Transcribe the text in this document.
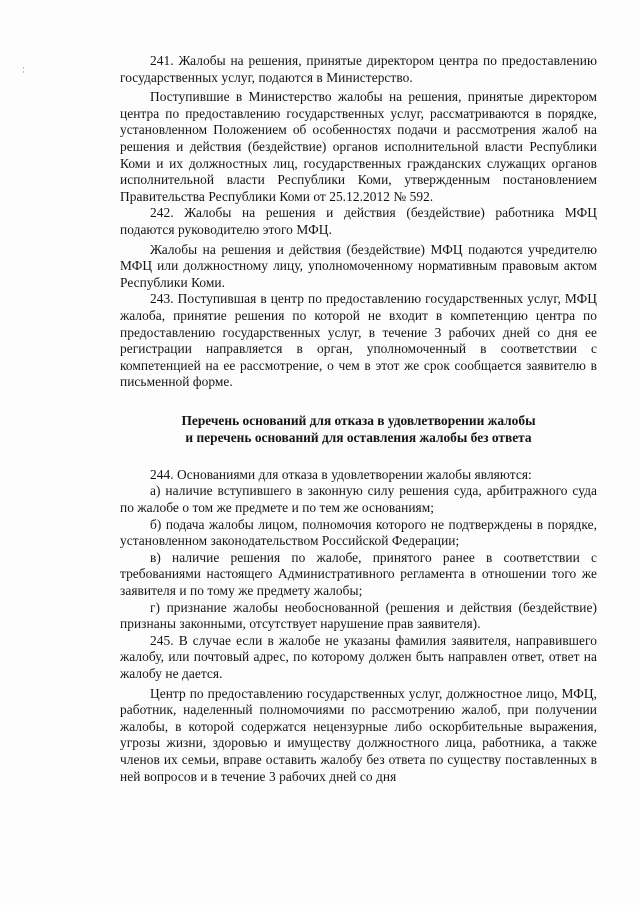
· ·

241. Жалобы на решения, принятые директором центра по предоставлению государственных услуг, подаются в Министерство.

Поступившие в Министерство жалобы на решения, принятые директором центра по предоставлению государственных услуг, рассматриваются в порядке, установленном Положением об особенностях подачи и рассмотрения жалоб на решения и действия (бездействие) органов исполнительной власти Республики Коми и их должностных лиц, государственных гражданских служащих органов исполнительной власти Республики Коми, утвержденным постановлением Правительства Республики Коми от 25.12.2012 № 592.

242. Жалобы на решения и действия (бездействие) работника МФЦ подаются руководителю этого МФЦ.

Жалобы на решения и действия (бездействие) МФЦ подаются учредителю МФЦ или должностному лицу, уполномоченному нормативным правовым актом Республики Коми.

243. Поступившая в центр по предоставлению государственных услуг, МФЦ жалоба, принятие решения по которой не входит в компетенцию центра по предоставлению государственных услуг, в течение 3 рабочих дней со дня ее регистрации направляется в орган, уполномоченный в соответствии с компетенцией на ее рассмотрение, о чем в этот же срок сообщается заявителю в письменной форме.

Перечень оснований для отказа в удовлетворении жалобы

и перечень оснований для оставления жалобы без ответа

244. Основаниями для отказа в удовлетворении жалобы являются:

а) наличие вступившего в законную силу решения суда, арбитражного суда по жалобе о том же предмете и по тем же основаниям;

б) подача жалобы лицом, полномочия которого не подтверждены в порядке, установленном законодательством Российской Федерации;

в) наличие решения по жалобе, принятого ранее в соответствии с требованиями настоящего Административного регламента в отношении того же заявителя и по тому же предмету жалобы;

г) признание жалобы необоснованной (решения и действия (бездействие) признаны законными, отсутствует нарушение прав заявителя).

245. В случае если в жалобе не указаны фамилия заявителя, направившего жалобу, или почтовый адрес, по которому должен быть направлен ответ, ответ на жалобу не дается.

Центр по предоставлению государственных услуг, должностное лицо, МФЦ, работник, наделенный полномочиями по рассмотрению жалоб, при получении жалобы, в которой содержатся нецензурные либо оскорбительные выражения, угрозы жизни, здоровью и имуществу должностного лица, работника, а также членов их семьи, вправе оставить жалобу без ответа по существу поставленных в ней вопросов и в течение 3 рабочих дней со дня
